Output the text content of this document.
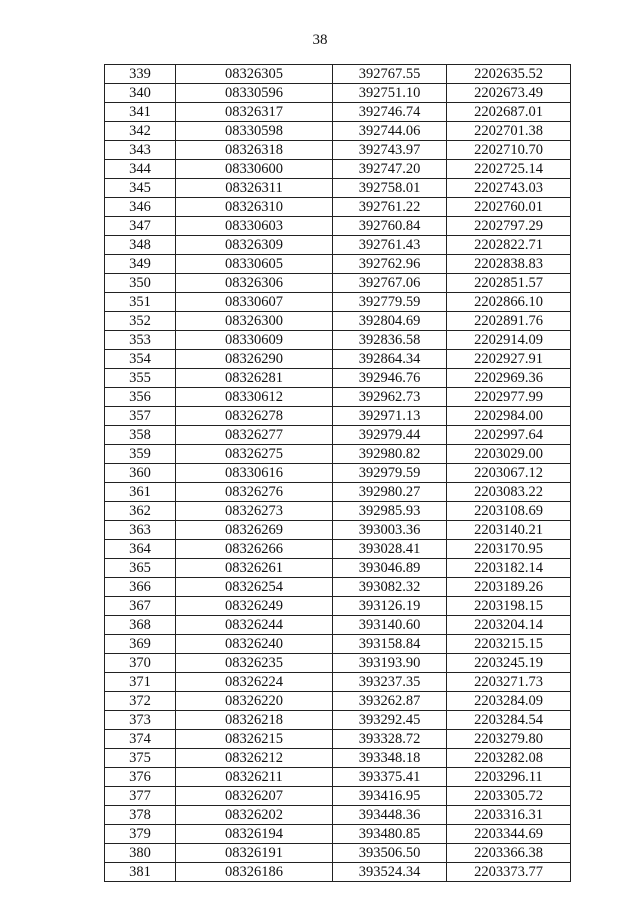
38
339	08326305	392767.55	2202635.52
340	08330596	392751.10	2202673.49
341	08326317	392746.74	2202687.01
342	08330598	392744.06	2202701.38
343	08326318	392743.97	2202710.70
344	08330600	392747.20	2202725.14
345	08326311	392758.01	2202743.03
346	08326310	392761.22	2202760.01
347	08330603	392760.84	2202797.29
348	08326309	392761.43	2202822.71
349	08330605	392762.96	2202838.83
350	08326306	392767.06	2202851.57
351	08330607	392779.59	2202866.10
352	08326300	392804.69	2202891.76
353	08330609	392836.58	2202914.09
354	08326290	392864.34	2202927.91
355	08326281	392946.76	2202969.36
356	08330612	392962.73	2202977.99
357	08326278	392971.13	2202984.00
358	08326277	392979.44	2202997.64
359	08326275	392980.82	2203029.00
360	08330616	392979.59	2203067.12
361	08326276	392980.27	2203083.22
362	08326273	392985.93	2203108.69
363	08326269	393003.36	2203140.21
364	08326266	393028.41	2203170.95
365	08326261	393046.89	2203182.14
366	08326254	393082.32	2203189.26
367	08326249	393126.19	2203198.15
368	08326244	393140.60	2203204.14
369	08326240	393158.84	2203215.15
370	08326235	393193.90	2203245.19
371	08326224	393237.35	2203271.73
372	08326220	393262.87	2203284.09
373	08326218	393292.45	2203284.54
374	08326215	393328.72	2203279.80
375	08326212	393348.18	2203282.08
376	08326211	393375.41	2203296.11
377	08326207	393416.95	2203305.72
378	08326202	393448.36	2203316.31
379	08326194	393480.85	2203344.69
380	08326191	393506.50	2203366.38
381	08326186	393524.34	2203373.77
